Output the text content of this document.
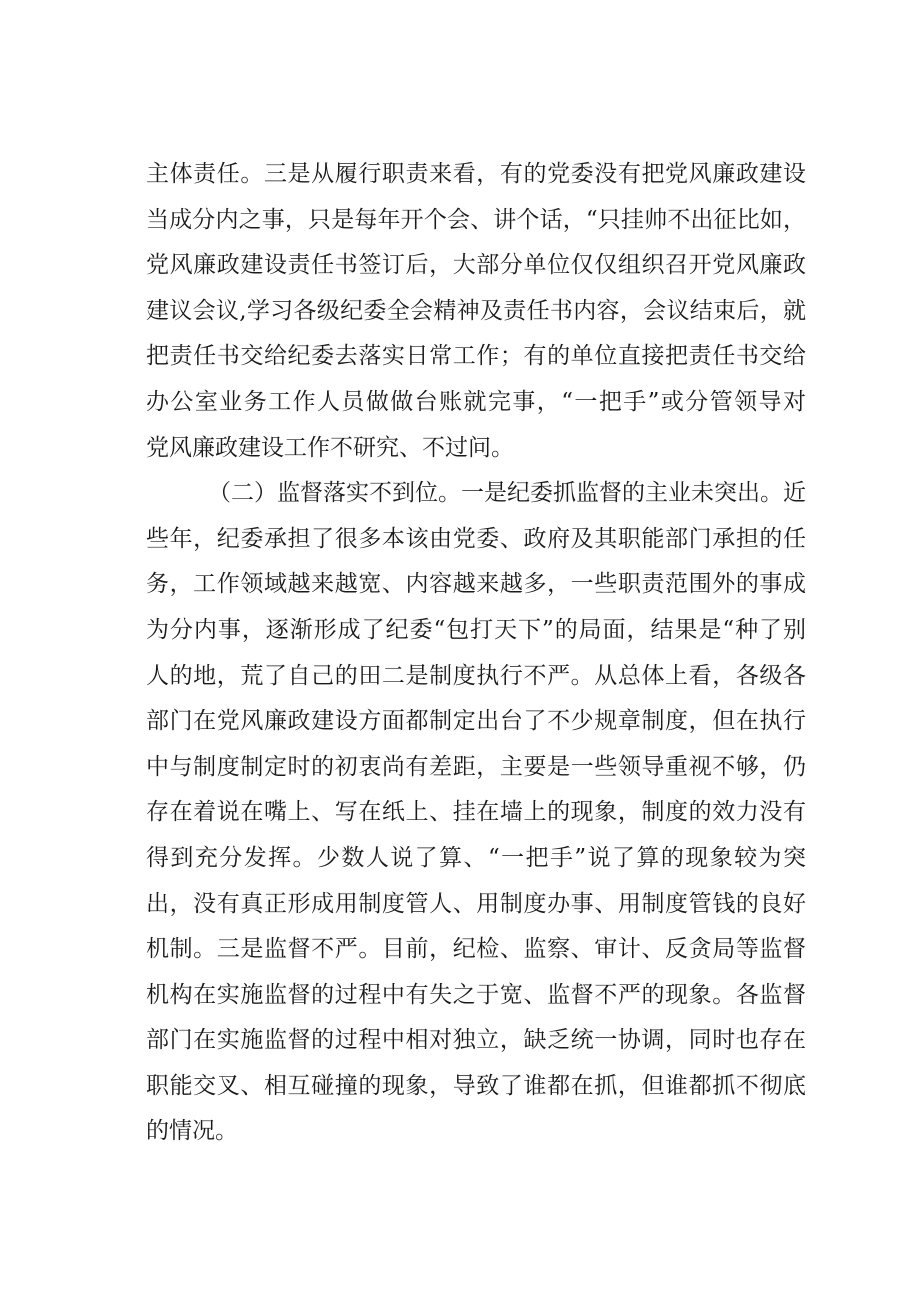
主体责任。三是从履行职责来看，有的党委没有把党风廉政建设
当成分内之事，只是每年开个会、讲个话，“只挂帅不出征比如，
党风廉政建设责任书签订后，大部分单位仅仅组织召开党风廉政
建议会议,学习各级纪委全会精神及责任书内容，会议结束后，就
把责任书交给纪委去落实日常工作；有的单位直接把责任书交给
办公室业务工作人员做做台账就完事，“一把手”或分管领导对
党风廉政建设工作不研究、不过问。
（二）监督落实不到位。一是纪委抓监督的主业未突出。近
些年，纪委承担了很多本该由党委、政府及其职能部门承担的任
务，工作领域越来越宽、内容越来越多，一些职责范围外的事成
为分内事，逐渐形成了纪委“包打天下”的局面，结果是“种了别
人的地，荒了自己的田二是制度执行不严。从总体上看，各级各
部门在党风廉政建设方面都制定出台了不少规章制度，但在执行
中与制度制定时的初衷尚有差距，主要是一些领导重视不够，仍
存在着说在嘴上、写在纸上、挂在墙上的现象，制度的效力没有
得到充分发挥。少数人说了算、“一把手”说了算的现象较为突
出，没有真正形成用制度管人、用制度办事、用制度管钱的良好
机制。三是监督不严。目前，纪检、监察、审计、反贪局等监督
机构在实施监督的过程中有失之于宽、监督不严的现象。各监督
部门在实施监督的过程中相对独立，缺乏统一协调，同时也存在
职能交叉、相互碰撞的现象，导致了谁都在抓，但谁都抓不彻底
的情况。
